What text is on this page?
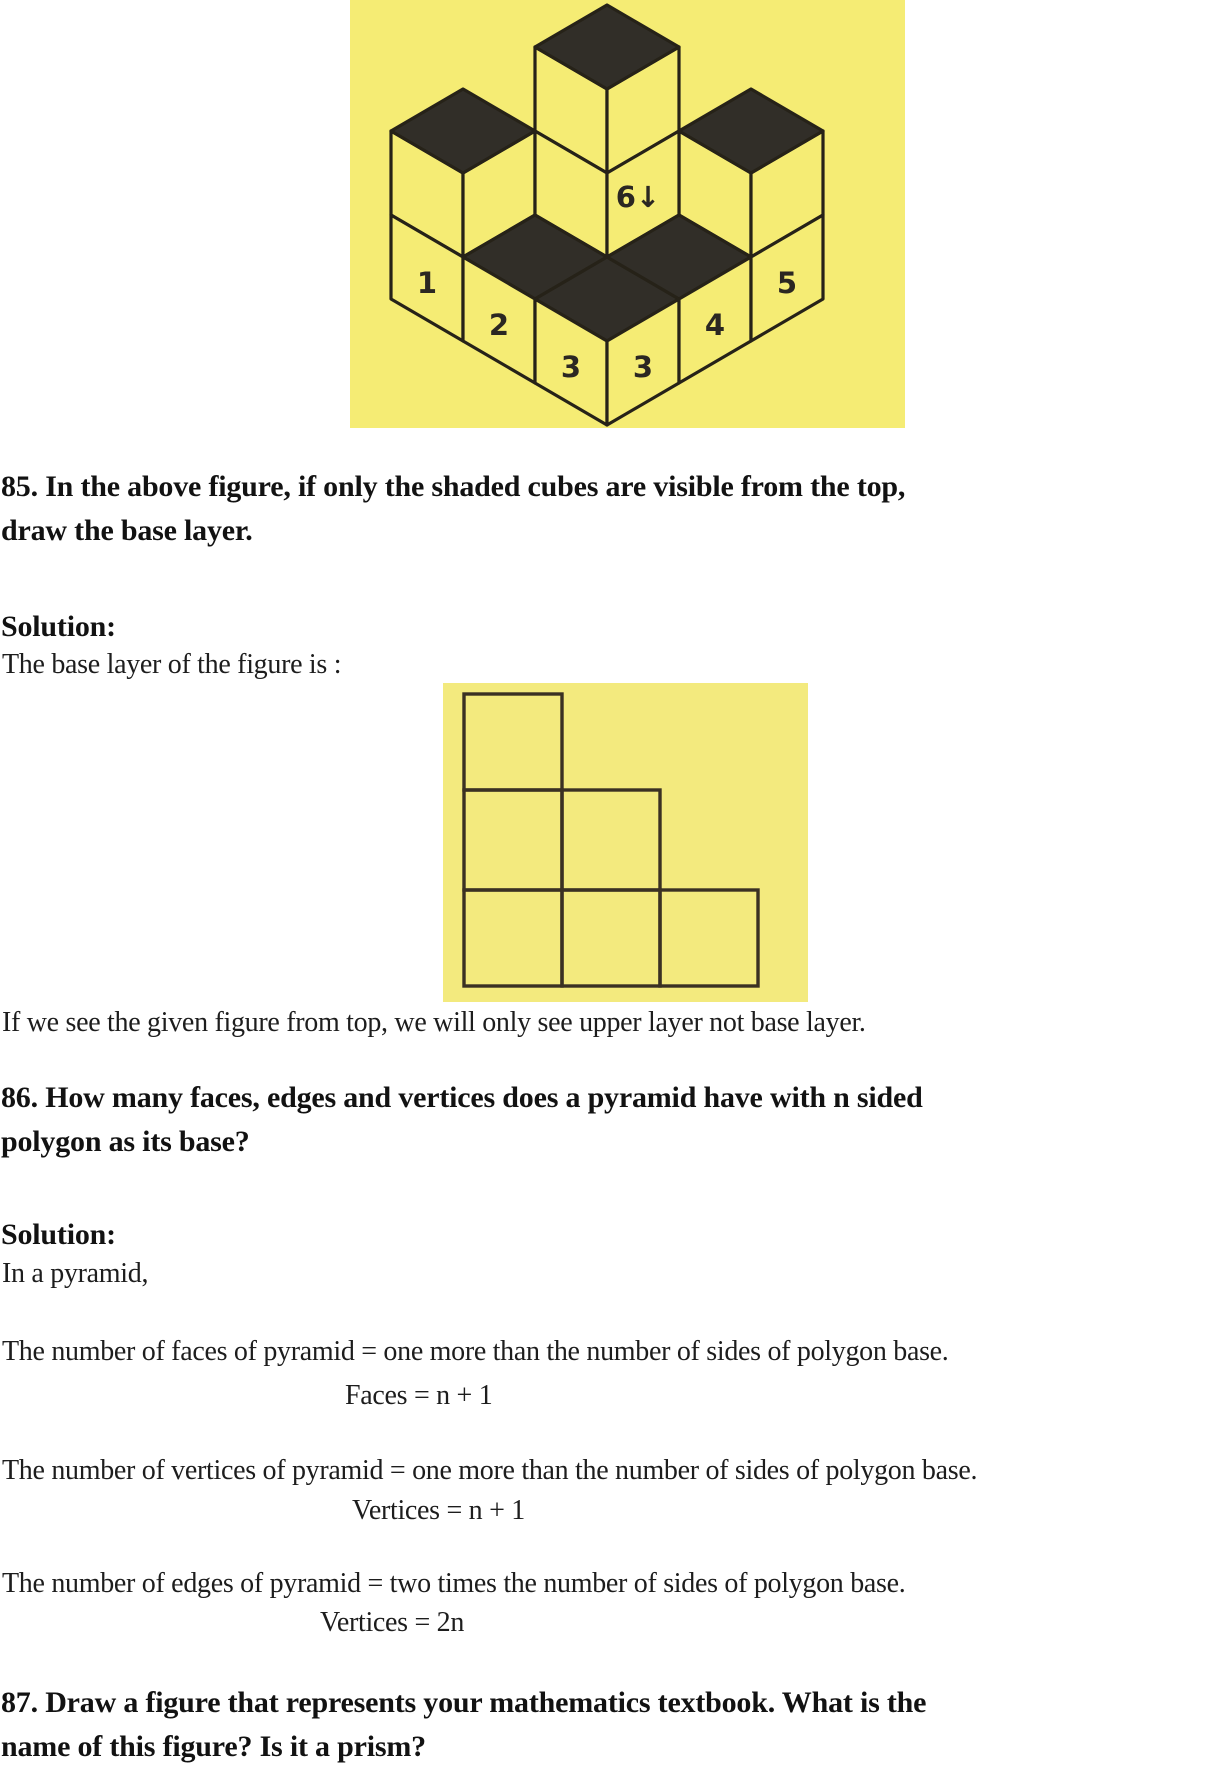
1
2
3 3
4
5
6↓
85. In the above figure, if only the shaded cubes are visible from the top,
draw the base layer.
Solution:
The base layer of the figure is :
If we see the given figure from top, we will only see upper layer not base layer.
86. How many faces, edges and vertices does a pyramid have with n sided
polygon as its base?
Solution:
In a pyramid,
The number of faces of pyramid = one more than the number of sides of polygon base.
Faces = n + 1
The number of vertices of pyramid = one more than the number of sides of polygon base.
Vertices = n + 1
The number of edges of pyramid = two times the number of sides of polygon base.
Vertices = 2n
87. Draw a figure that represents your mathematics textbook. What is the
name of this figure? Is it a prism?
